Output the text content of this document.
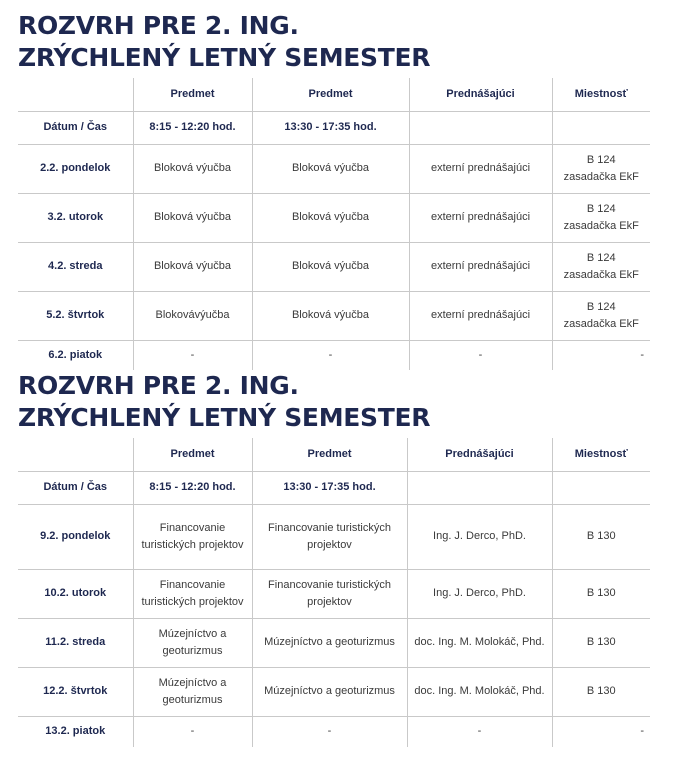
ROZVRH PRE 2. ING.
ZRÝCHLENÝ LETNÝ SEMESTER
	Predmet	Predmet	Prednášajúci	Miestnosť
Dátum / Čas	8:15 - 12:20 hod.	13:30 - 17:35 hod.		
2.2. pondelok	Bloková výučba	Bloková výučba	externí prednášajúci	B 124
zasadačka EkF

3.2. utorok	Bloková výučba	Bloková výučba	externí prednášajúci	B 124
zasadačka EkF

4.2. streda	Bloková výučba	Bloková výučba	externí prednášajúci	B 124
zasadačka EkF

5.2. štvrtok	Blokovávýučba	Bloková výučba	externí prednášajúci	B 124
zasadačka EkF

6.2. piatok	-	-	-	-
ROZVRH PRE 2. ING.
ZRÝCHLENÝ LETNÝ SEMESTER
	Predmet	Predmet	Prednášajúci	Miestnosť
Dátum / Čas	8:15 - 12:20 hod.	13:30 - 17:35 hod.		
9.2. pondelok	Financovanie turistických projektov	Financovanie turistických projektov	Ing. J. Derco, PhD.	B 130
10.2. utorok	Financovanie turistických projektov	Financovanie turistických projektov	Ing. J. Derco, PhD.	B 130
11.2. streda	Múzejníctvo a geoturizmus	Múzejníctvo a geoturizmus	doc. Ing. M. Molokáč, Phd.	B 130
12.2. štvrtok	Múzejníctvo a geoturizmus	Múzejníctvo a geoturizmus	doc. Ing. M. Molokáč, Phd.	B 130
13.2. piatok	-	-	-	-
